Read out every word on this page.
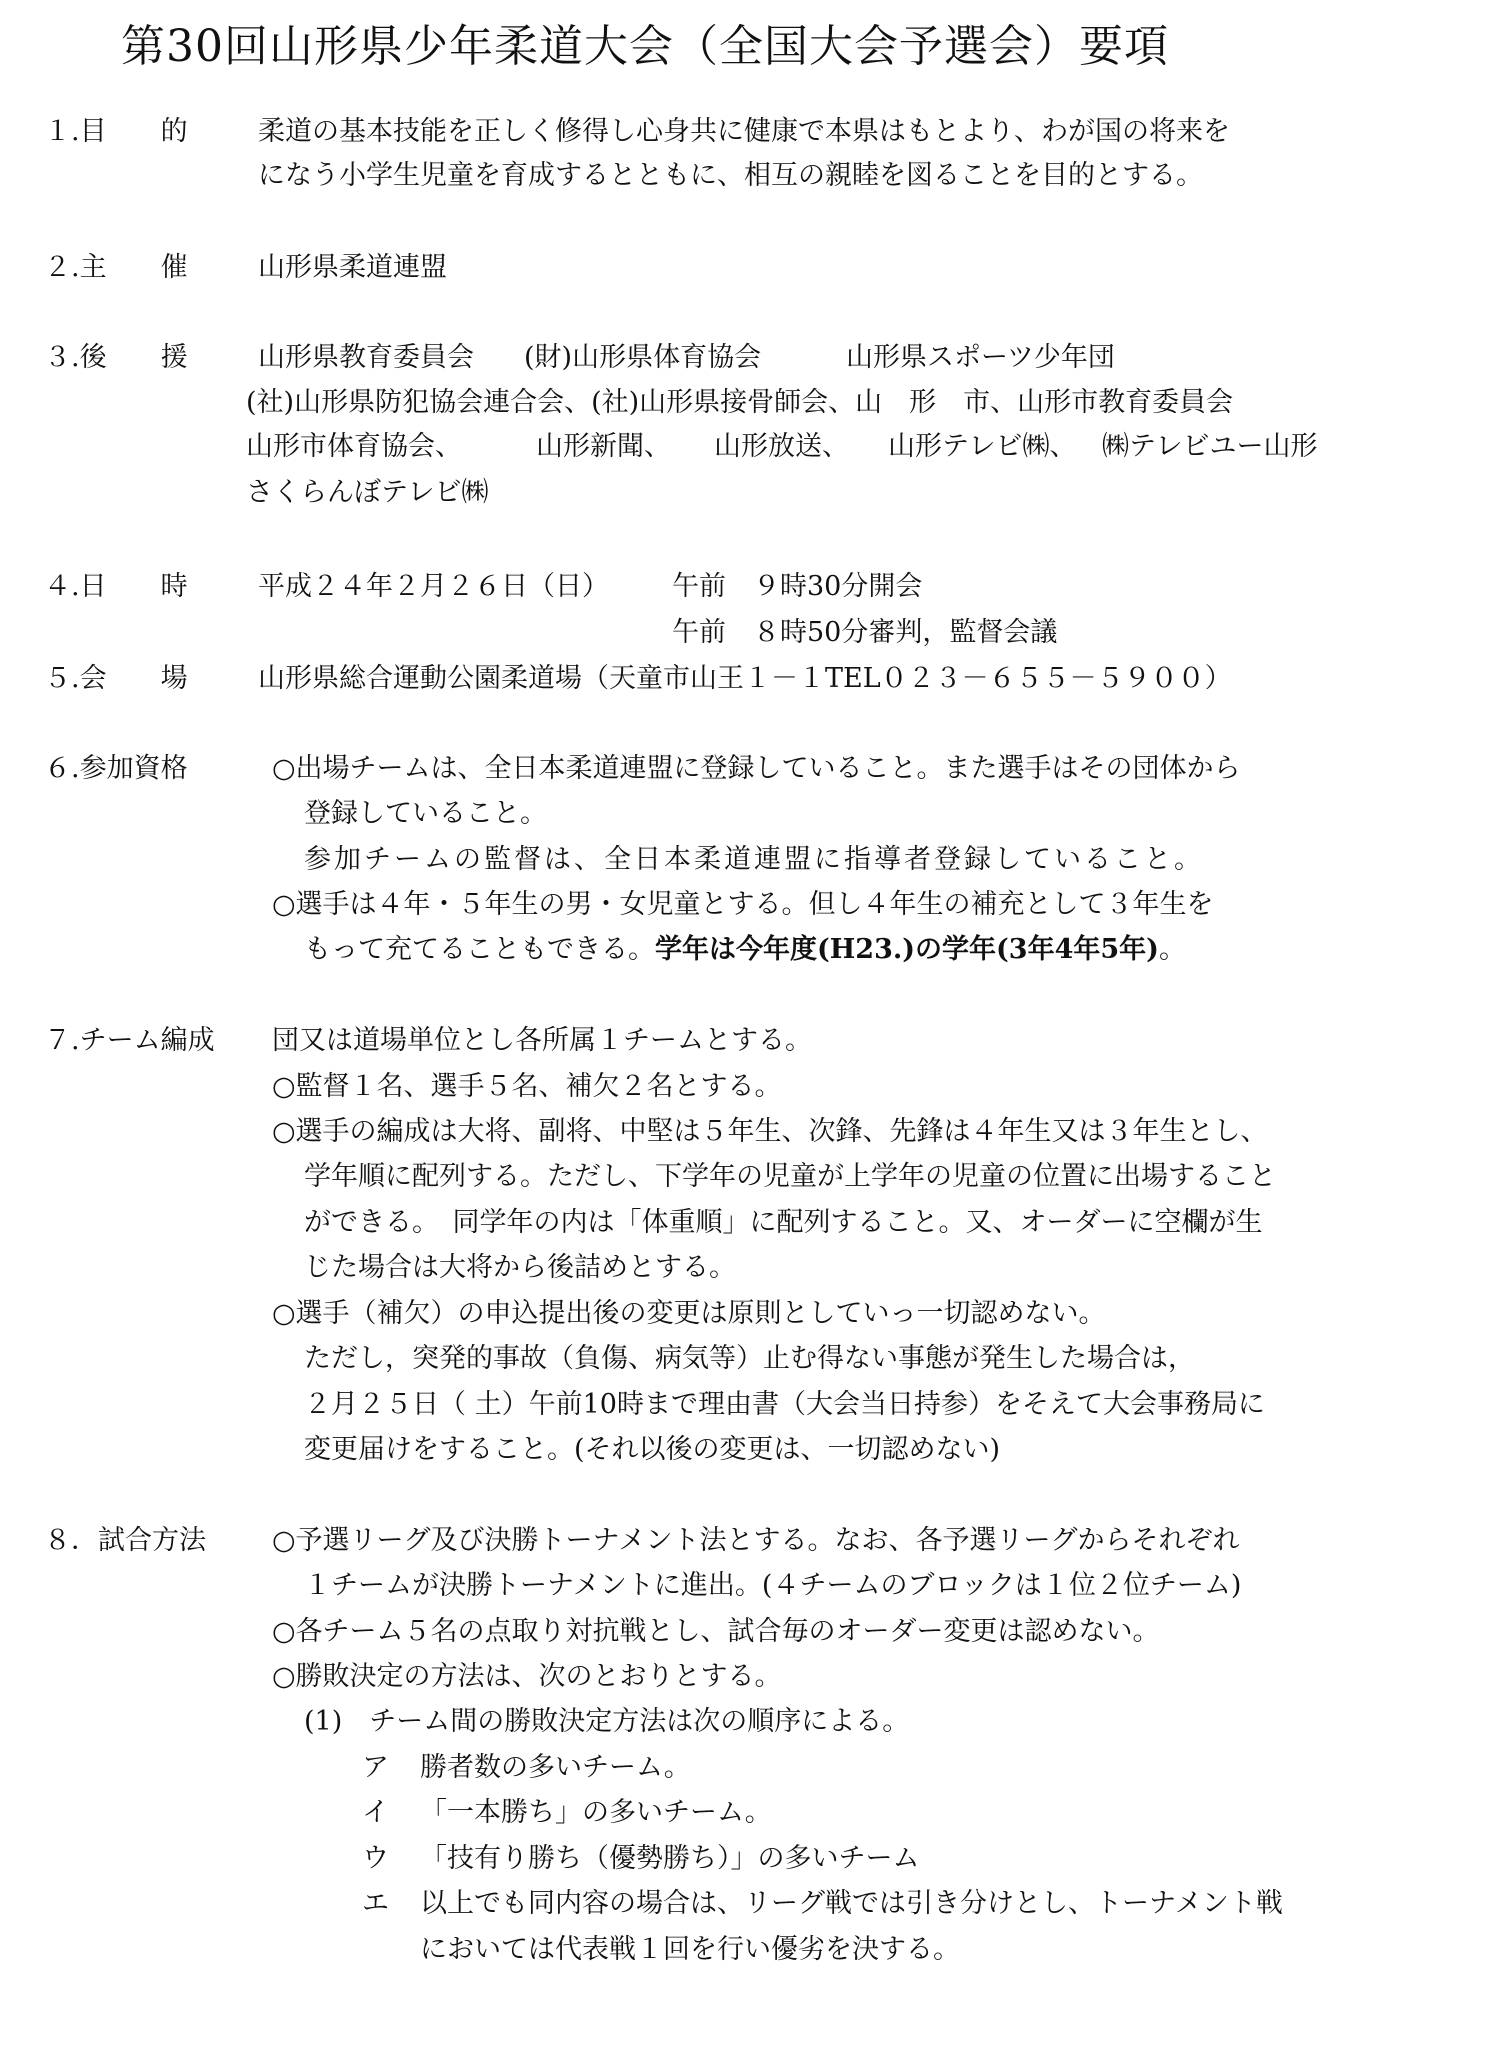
第30回山形県少年柔道大会（全国大会予選会）要項
１.目　　的	柔道の基本技能を正しく修得し心身共に健康で本県はもとより、わが国の将来を
になう小学生児童を育成するとともに、相互の親睦を図ることを目的とする。
２.主　　催	山形県柔道連盟
３.後　　援	山形県教育委員会 (財)山形県体育協会	山形県スポーツ少年団
(社)山形県防犯協会連合会、(社)山形県接骨師会、山　形　市、山形市教育委員会
山形市体育協会、	山形新聞、 山形放送、 山形テレビ㈱、 ㈱テレビユー山形
さくらんぼテレビ㈱
４.日　　時	平成２４年２月２６日（日） 午前　９時30分開会
午前　８時50分審判，監督会議
５.会　　場	山形県総合運動公園柔道場（天童市山王１－１TEL０２３－６５５－５９００）
６.参加資格	○出場チームは、全日本柔道連盟に登録していること。また選手はその団体から
登録していること。
参加チームの監督は、全日本柔道連盟に指導者登録していること。
○選手は４年・５年生の男・女児童とする。但し４年生の補充として３年生を
もって充てることもできる。学年は今年度(H23.)の学年(3年4年5年)。
７.チーム編成 団又は道場単位とし各所属１チームとする。
○監督１名、選手５名、補欠２名とする。
○選手の編成は大将、副将、中堅は５年生、次鋒、先鋒は４年生又は３年生とし、
学年順に配列する。ただし、下学年の児童が上学年の児童の位置に出場すること
ができる。　同学年の内は「体重順」に配列すること。又、オーダーに空欄が生
じた場合は大将から後詰めとする。
○選手（補欠）の申込提出後の変更は原則としていっ一切認めない。
ただし，突発的事故（負傷、病気等）止む得ない事態が発生した場合は，
２月２５日（ 土）午前10時まで理由書（大会当日持参）をそえて大会事務局に
変更届けをすること。(それ以後の変更は、一切認めない)
８．試合方法 ○予選リーグ及び決勝トーナメント法とする。なお、各予選リーグからそれぞれ
１チームが決勝トーナメントに進出。(４チームのブロックは１位２位チーム)
○各チーム５名の点取り対抗戦とし、試合毎のオーダー変更は認めない。
○勝敗決定の方法は、次のとおりとする。
(1)　チーム間の勝敗決定方法は次の順序による。
ア 勝者数の多いチーム。
イ 「一本勝ち」の多いチーム。
ウ 「技有り勝ち（優勢勝ち）」の多いチーム
エ 以上でも同内容の場合は、リーグ戦では引き分けとし、トーナメント戦
においては代表戦１回を行い優劣を決する。
